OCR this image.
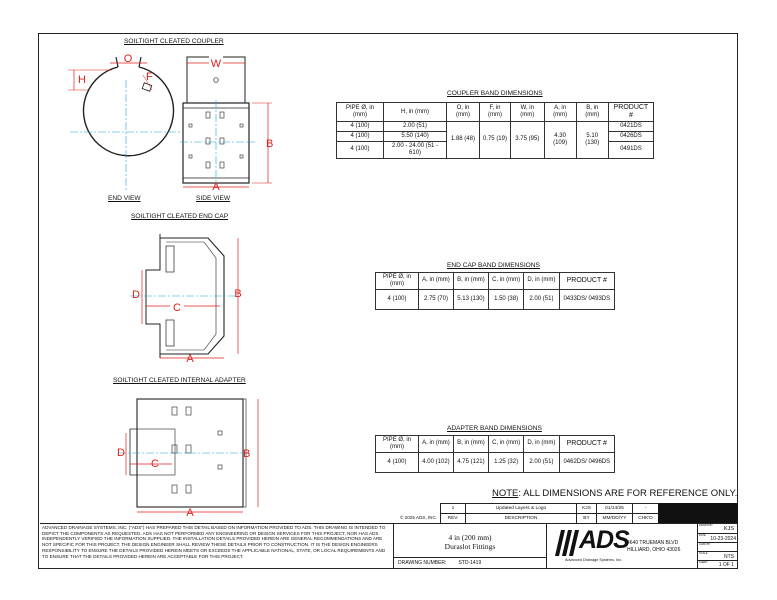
SOILTIGHT CLEATED COUPLER
O
H	F
W
B
A
END VIEW	SIDE VIEW
COUPLER BAND DIMENSIONS
PIPE Ø, in (mm)	H, in (mm)	O, in (mm)	F, in (mm)	W, in (mm)	A, in (mm)	B, in (mm)	PRODUCT #
4 (100)	2.00 (51)	1.88 (48)	0.75 (19)	3.75 (95)	4.30 (109)	5.10 (130)	0421DS
4 (100)	5.50 (140)						0426DS
4 (100)	2.00 - 24.00 (51 - 610)						0491DS
SOILTIGHT CLEATED END CAP
D
C
B
A
END CAP BAND DIMENSIONS
PIPE Ø, in (mm)	A, in (mm)	B, in (mm)	C, in (mm)	D, in (mm)	PRODUCT #
4 (100)	2.75 (70)	5.13 (130)	1.50 (38)	2.00 (51)	0433DS/ 0493DS
SOILTIGHT CLEATED INTERNAL ADAPTER
D
C
B
A
ADAPTER BAND DIMENSIONS
PIPE Ø, in (mm)	A, in (mm)	B, in (mm)	C, in (mm)	D, in (mm)	PRODUCT #
4 (100)	4.00 (102)	4.75 (121)	1.25 (32)	2.00 (51)	0462DS/ 0496DS
NOTE: ALL DIMENSIONS ARE FOR REFERENCE ONLY.
© 2025 ADS, INC.
1	Updated Layers & Logo	KJS	01/14/25	-
REV.	DESCRIPTION	BY	MM/DD/YY	CHK'D
ADVANCED DRAINAGE SYSTEMS, INC. ("ADS") HAS PREPARED THIS DETAIL BASED ON INFORMATION PROVIDED TO ADS. THIS DRAWING IS INTENDED TO DEPICT THE COMPONENTS AS REQUESTED. ADS HAS NOT PERFORMED ANY ENGINEERING OR DESIGN SERVICES FOR THIS PROJECT, NOR HAS ADS INDEPENDENTLY VERIFIED THE INFORMATION SUPPLIED. THE INSTALLATION DETAILS PROVIDED HEREIN ARE GENERAL RECOMMENDATIONS AND ARE NOT SPECIFIC FOR THIS PROJECT. THE DESIGN ENGINEER SHALL REVIEW THESE DETAILS PRIOR TO CONSTRUCTION. IT IS THE DESIGN ENGINEERS RESPONSIBILITY TO ENSURE THE DETAILS PROVIDED HEREIN MEETS OR EXCEEDS THE APPLICABLE NATIONAL, STATE, OR LOCAL REQUIREMENTS AND TO ENSURE THAT THE DETAILS PROVIDED HEREIN ARE ACCEPTABLE FOR THIS PROJECT.
4 in (200 mm)
Duraslot Fittings
DRAWING NUMBER: STD-1419
ADS
Advanced Drainage Systems, Inc.
4640 TRUEMAN BLVD
HILLIARD, OHIO 43026
DRAWN BY
KJS
DATE
10-23-2024
CHKD BY
SCALE
NTS
SHEET 1 OF 1
